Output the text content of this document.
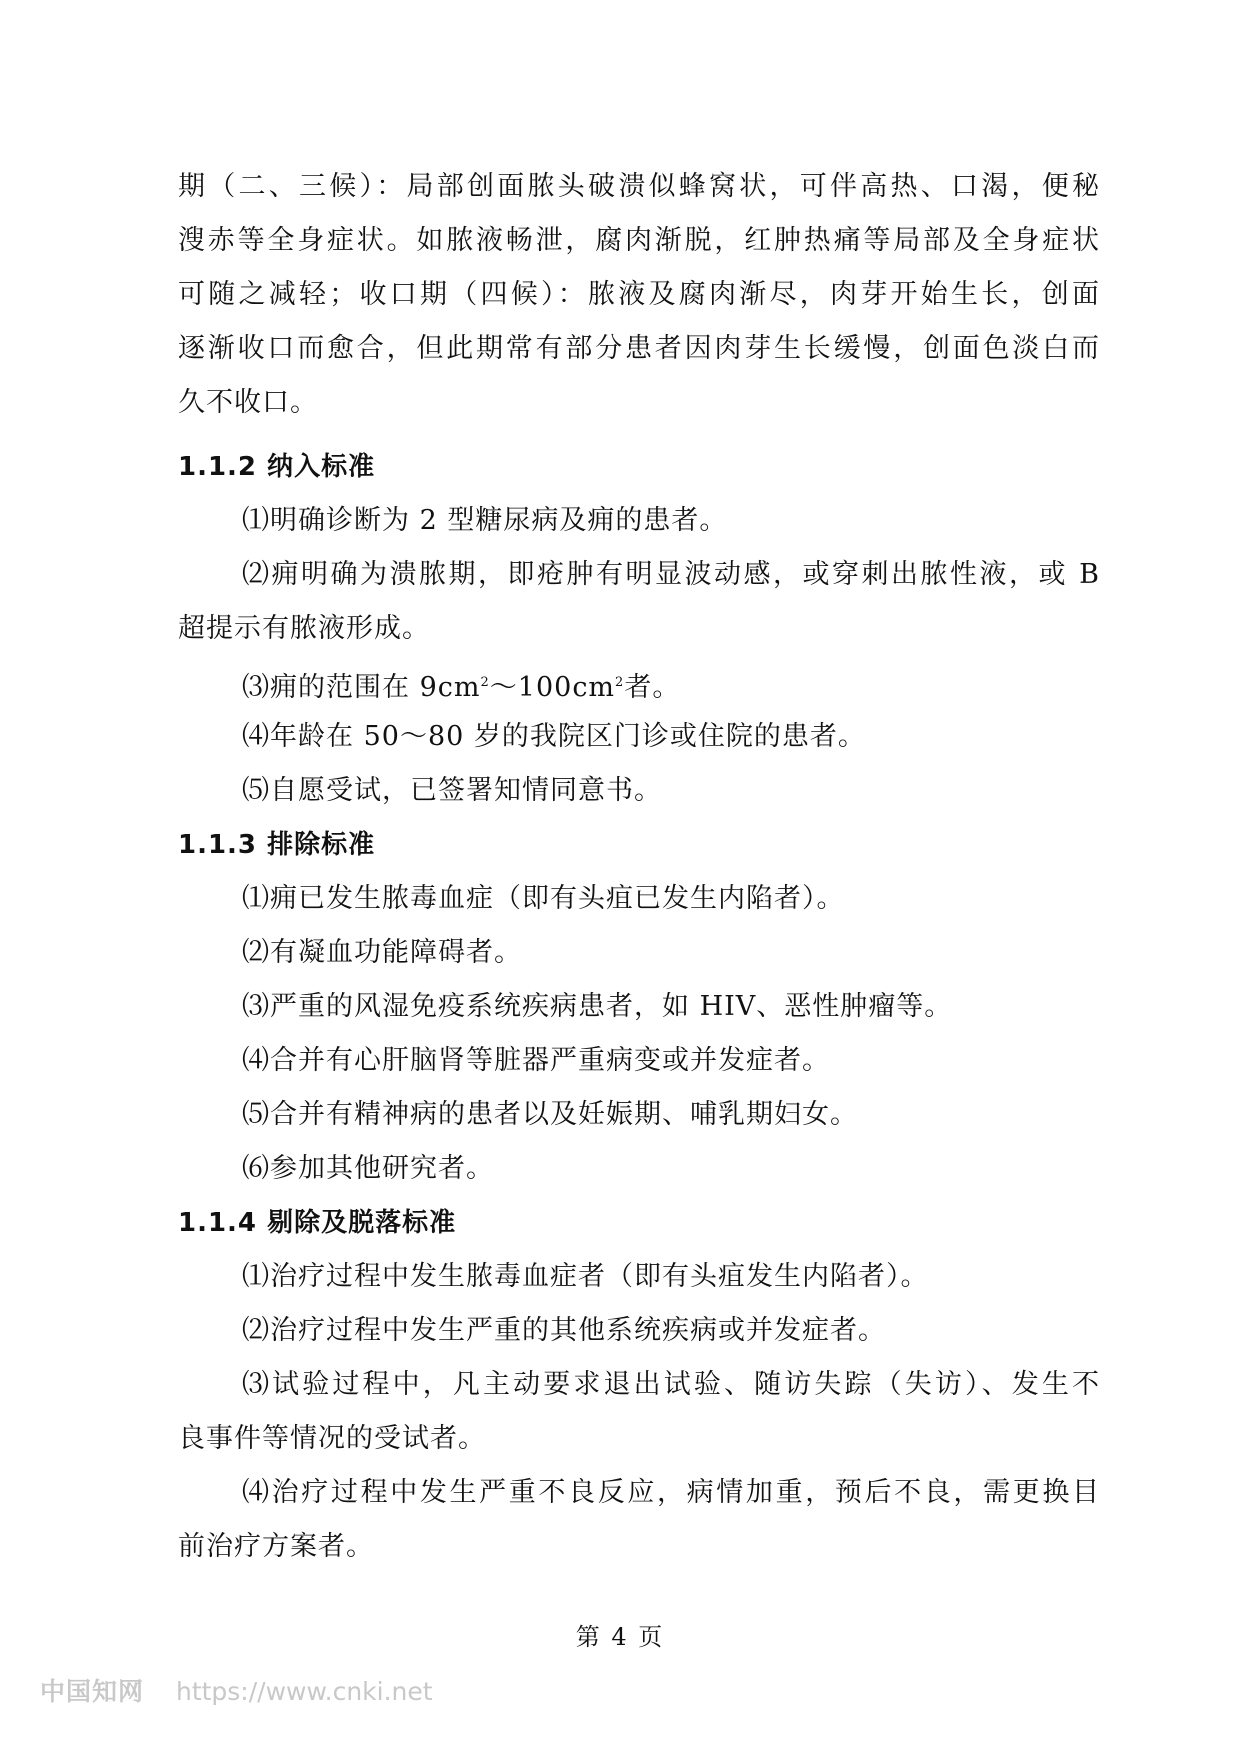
期（二、三候）：局部创面脓头破溃似蜂窝状，可伴高热、口渴，便秘
溲赤等全身症状。如脓液畅泄，腐肉渐脱，红肿热痛等局部及全身症状
可随之减轻；收口期（四候）：脓液及腐肉渐尽，肉芽开始生长，创面
逐渐收口而愈合，但此期常有部分患者因肉芽生长缓慢，创面色淡白而
久不收口。
1.1.2 纳入标准
⑴明确诊断为 2 型糖尿病及痈的患者。
⑵痈明确为溃脓期，即疮肿有明显波动感，或穿刺出脓性液，或 B
超提示有脓液形成。
⑶痈的范围在 $9cm^2\sim 100cm^2$者。
⑷年龄在 50～80 岁的我院区门诊或住院的患者。
⑸自愿受试，已签署知情同意书。
1.1.3 排除标准
⑴痈已发生脓毒血症（即有头疽已发生内陷者）。
⑵有凝血功能障碍者。
⑶严重的风湿免疫系统疾病患者，如 HIV、恶性肿瘤等。
⑷合并有心肝脑肾等脏器严重病变或并发症者。
⑸合并有精神病的患者以及妊娠期、哺乳期妇女。
⑹参加其他研究者。
1.1.4 剔除及脱落标准
⑴治疗过程中发生脓毒血症者（即有头疽发生内陷者）。
⑵治疗过程中发生严重的其他系统疾病或并发症者。
⑶试验过程中，凡主动要求退出试验、随访失踪（失访）、发生不
良事件等情况的受试者。
⑷治疗过程中发生严重不良反应，病情加重，预后不良，需更换目
前治疗方案者。
第 4 页
中国知网 https://www.cnki.net
